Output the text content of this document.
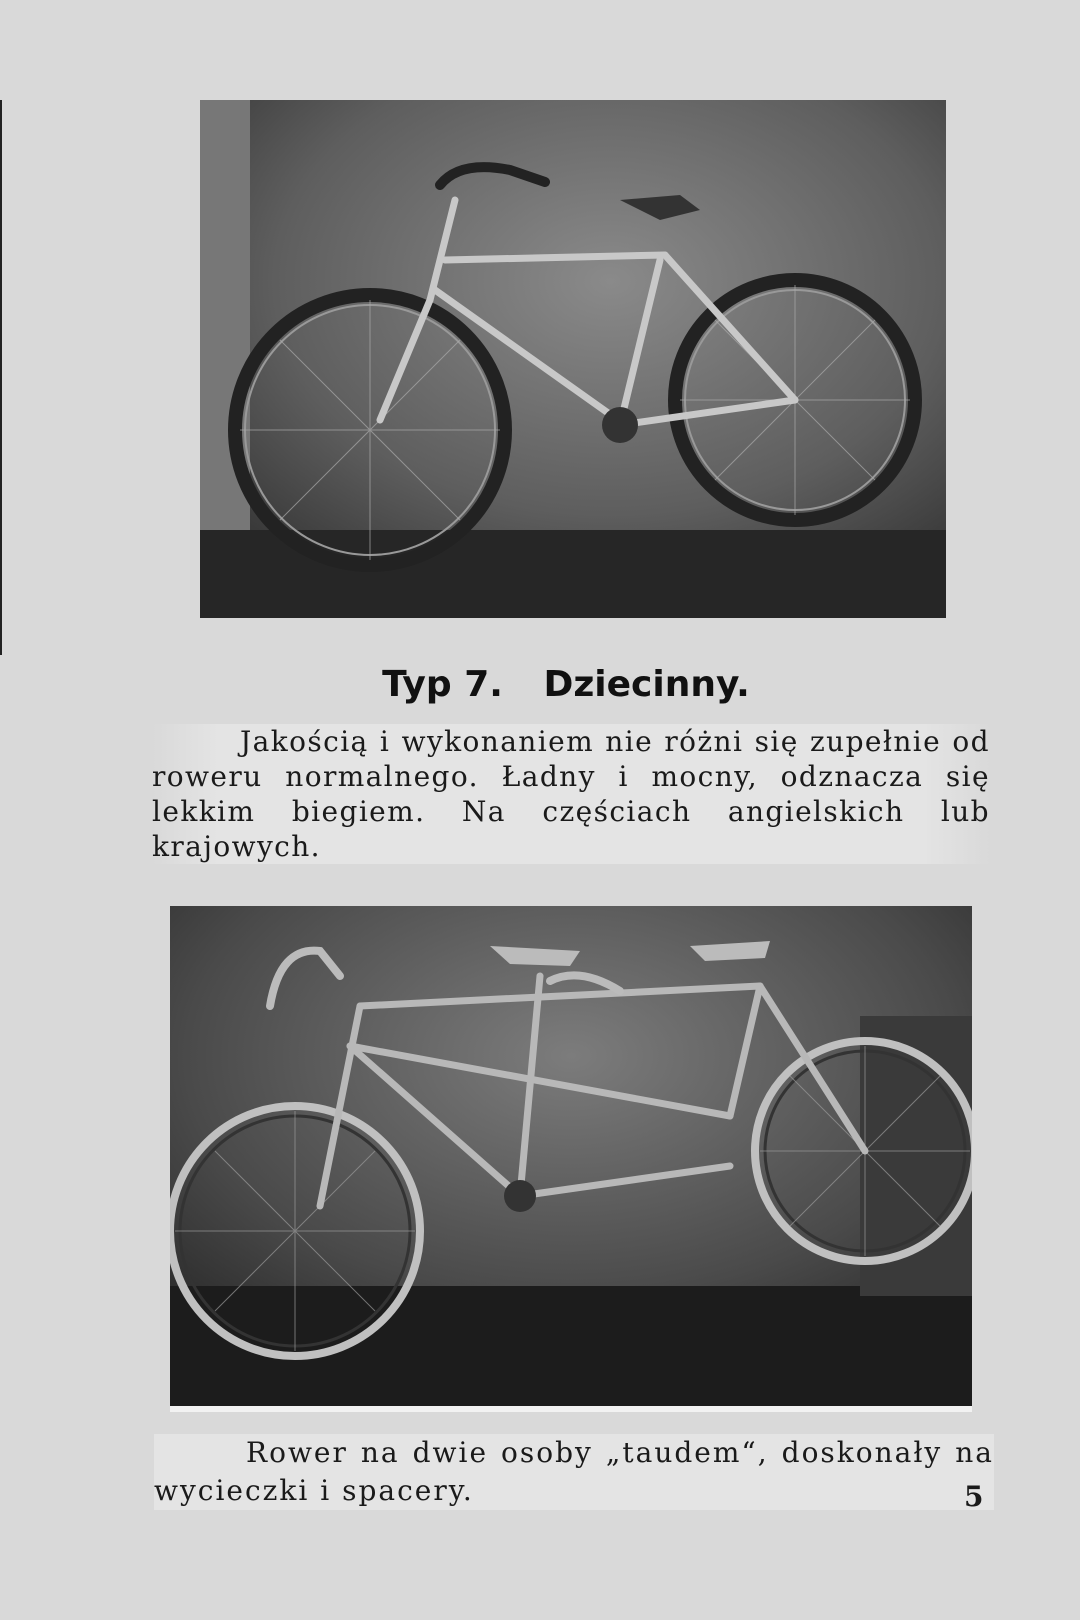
Typ 7. Dziecinny.
Jakością i wykonaniem nie różni się zupełnie od roweru normalnego. Ładny i mocny, odznacza się lekkim biegiem. Na częściach angielskich lub krajowych.
Rower na dwie osoby „taudem“, doskonały na wycieczki i spacery.	5
